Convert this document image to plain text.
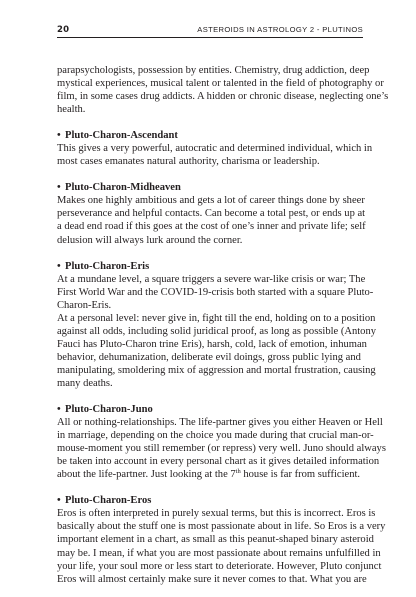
20	ASTEROIDS IN ASTROLOGY 2 - PLUTINOS

parapsychologists, possession by entities. Chemistry, drug addiction, deep

mystical experiences, musical talent or talented in the field of photography or

film, in some cases drug addicts. A hidden or chronic disease, neglecting one’s

health.

• Pluto-Charon-Ascendant

This gives a very powerful, autocratic and determined individual, which in

most cases emanates natural authority, charisma or leadership.

• Pluto-Charon-Midheaven

Makes one highly ambitious and gets a lot of career things done by sheer

perseverance and helpful contacts. Can become a total pest, or ends up at

a dead end road if this goes at the cost of one’s inner and private life; self

delusion will always lurk around the corner.

• Pluto-Charon-Eris

At a mundane level, a square triggers a severe war-like crisis or war; The

First World War and the COVID-19-crisis both started with a square Pluto-

Charon-Eris.

At a personal level: never give in, fight till the end, holding on to a position

against all odds, including solid juridical proof, as long as possible (Antony

Fauci has Pluto-Charon trine Eris), harsh, cold, lack of emotion, inhuman

behavior, dehumanization, deliberate evil doings, gross public lying and

manipulating, smoldering mix of aggression and mortal frustration, causing

many deaths.

• Pluto-Charon-Juno

All or nothing-relationships. The life-partner gives you either Heaven or Hell

in marriage, depending on the choice you made during that crucial man-or-

mouse-moment you still remember (or repress) very well. Juno should always

be taken into account in every personal chart as it gives detailed information

about the life-partner. Just looking at the 7th house is far from sufficient.

• Pluto-Charon-Eros

Eros is often interpreted in purely sexual terms, but this is incorrect. Eros is

basically about the stuff one is most passionate about in life. So Eros is a very

important element in a chart, as small as this peanut-shaped binary asteroid

may be. I mean, if what you are most passionate about remains unfulfilled in

your life, your soul more or less start to deteriorate. However, Pluto conjunct

Eros will almost certainly make sure it never comes to that. What you are
